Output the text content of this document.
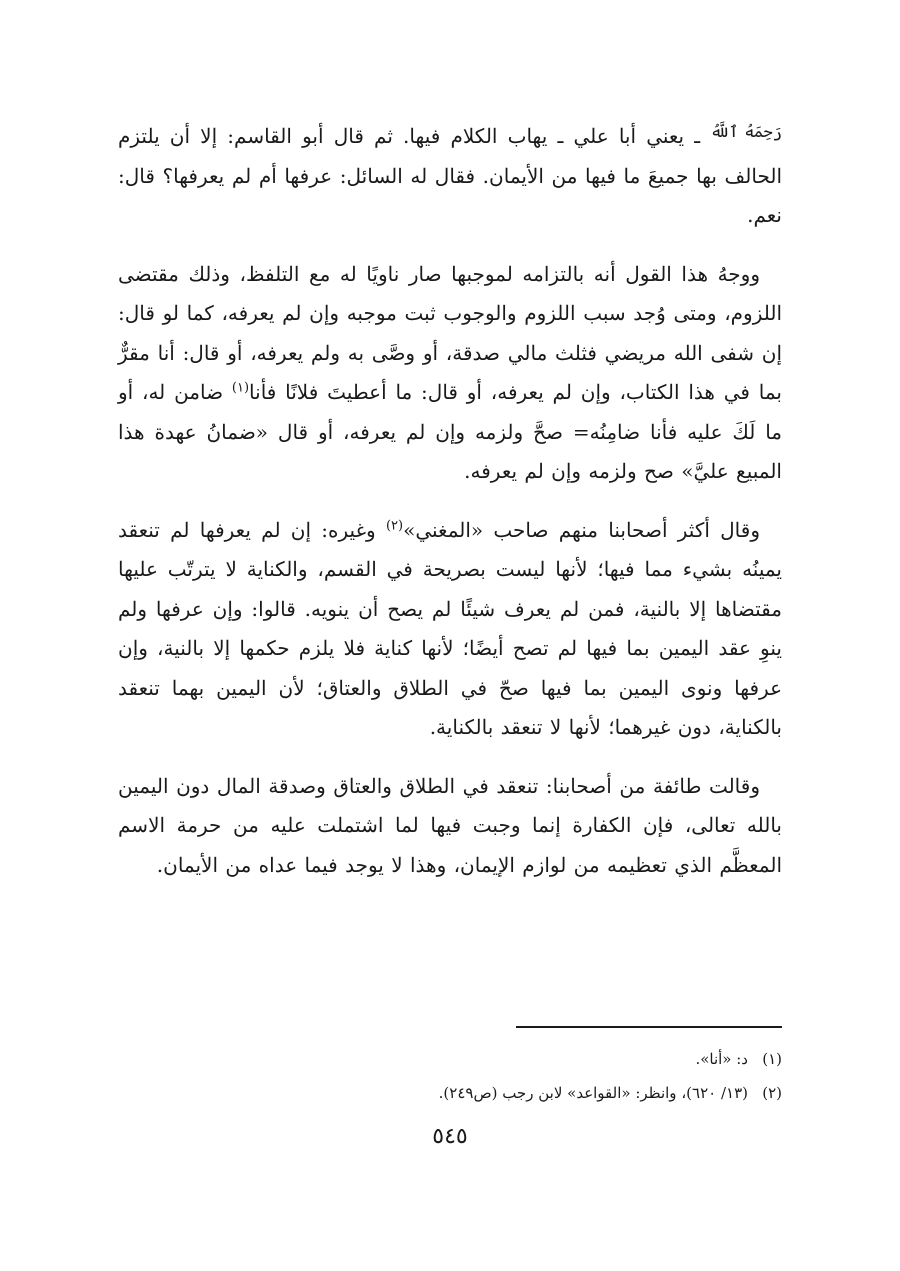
رَحِمَهُ ٱللَّهُ ـ يعني أبا علي ـ يهاب الكلام فيها. ثم قال أبو القاسم: إلا أن يلتزم الحالف بها جميعَ ما فيها من الأيمان. فقال له السائل: عرفها أم لم يعرفها؟ قال: نعم.

ووجهُ هذا القول أنه بالتزامه لموجبها صار ناويًا له مع التلفظ، وذلك مقتضى اللزوم، ومتى وُجد سبب اللزوم والوجوب ثبت موجبه وإن لم يعرفه، كما لو قال: إن شفى الله مريضي فثلث مالي صدقة، أو وصَّى به ولم يعرفه، أو قال: أنا مقرٌّ بما في هذا الكتاب، وإن لم يعرفه، أو قال: ما أعطيتَ فلانًا فأنا$^{(١)}$ ضامن له، أو ما لَكَ عليه فأنا ضامِنُه= صحَّ ولزمه وإن لم يعرفه، أو قال «ضمانُ عهدة هذا المبيع عليَّ» صح ولزمه وإن لم يعرفه.

وقال أكثر أصحابنا منهم صاحب «المغني»$^{(٢)}$ وغيره: إن لم يعرفها لم تنعقد يمينُه بشيء مما فيها؛ لأنها ليست بصريحة في القسم، والكناية لا يترتّب عليها مقتضاها إلا بالنية، فمن لم يعرف شيئًا لم يصح أن ينويه. قالوا: وإن عرفها ولم ينوِ عقد اليمين بما فيها لم تصح أيضًا؛ لأنها كناية فلا يلزم حكمها إلا بالنية، وإن عرفها ونوى اليمين بما فيها صحّ في الطلاق والعتاق؛ لأن اليمين بهما تنعقد بالكناية، دون غيرهما؛ لأنها لا تنعقد بالكناية.

وقالت طائفة من أصحابنا: تنعقد في الطلاق والعتاق وصدقة المال دون اليمين بالله تعالى، فإن الكفارة إنما وجبت فيها لما اشتملت عليه من حرمة الاسم المعظَّم الذي تعظيمه من لوازم الإيمان، وهذا لا يوجد فيما عداه من الأيمان.

(١)د: «أنا».

(٢)(١٣/ ٦٢٠)، وانظر: «القواعد» لابن رجب (ص٢٤٩).

٥٤٥
